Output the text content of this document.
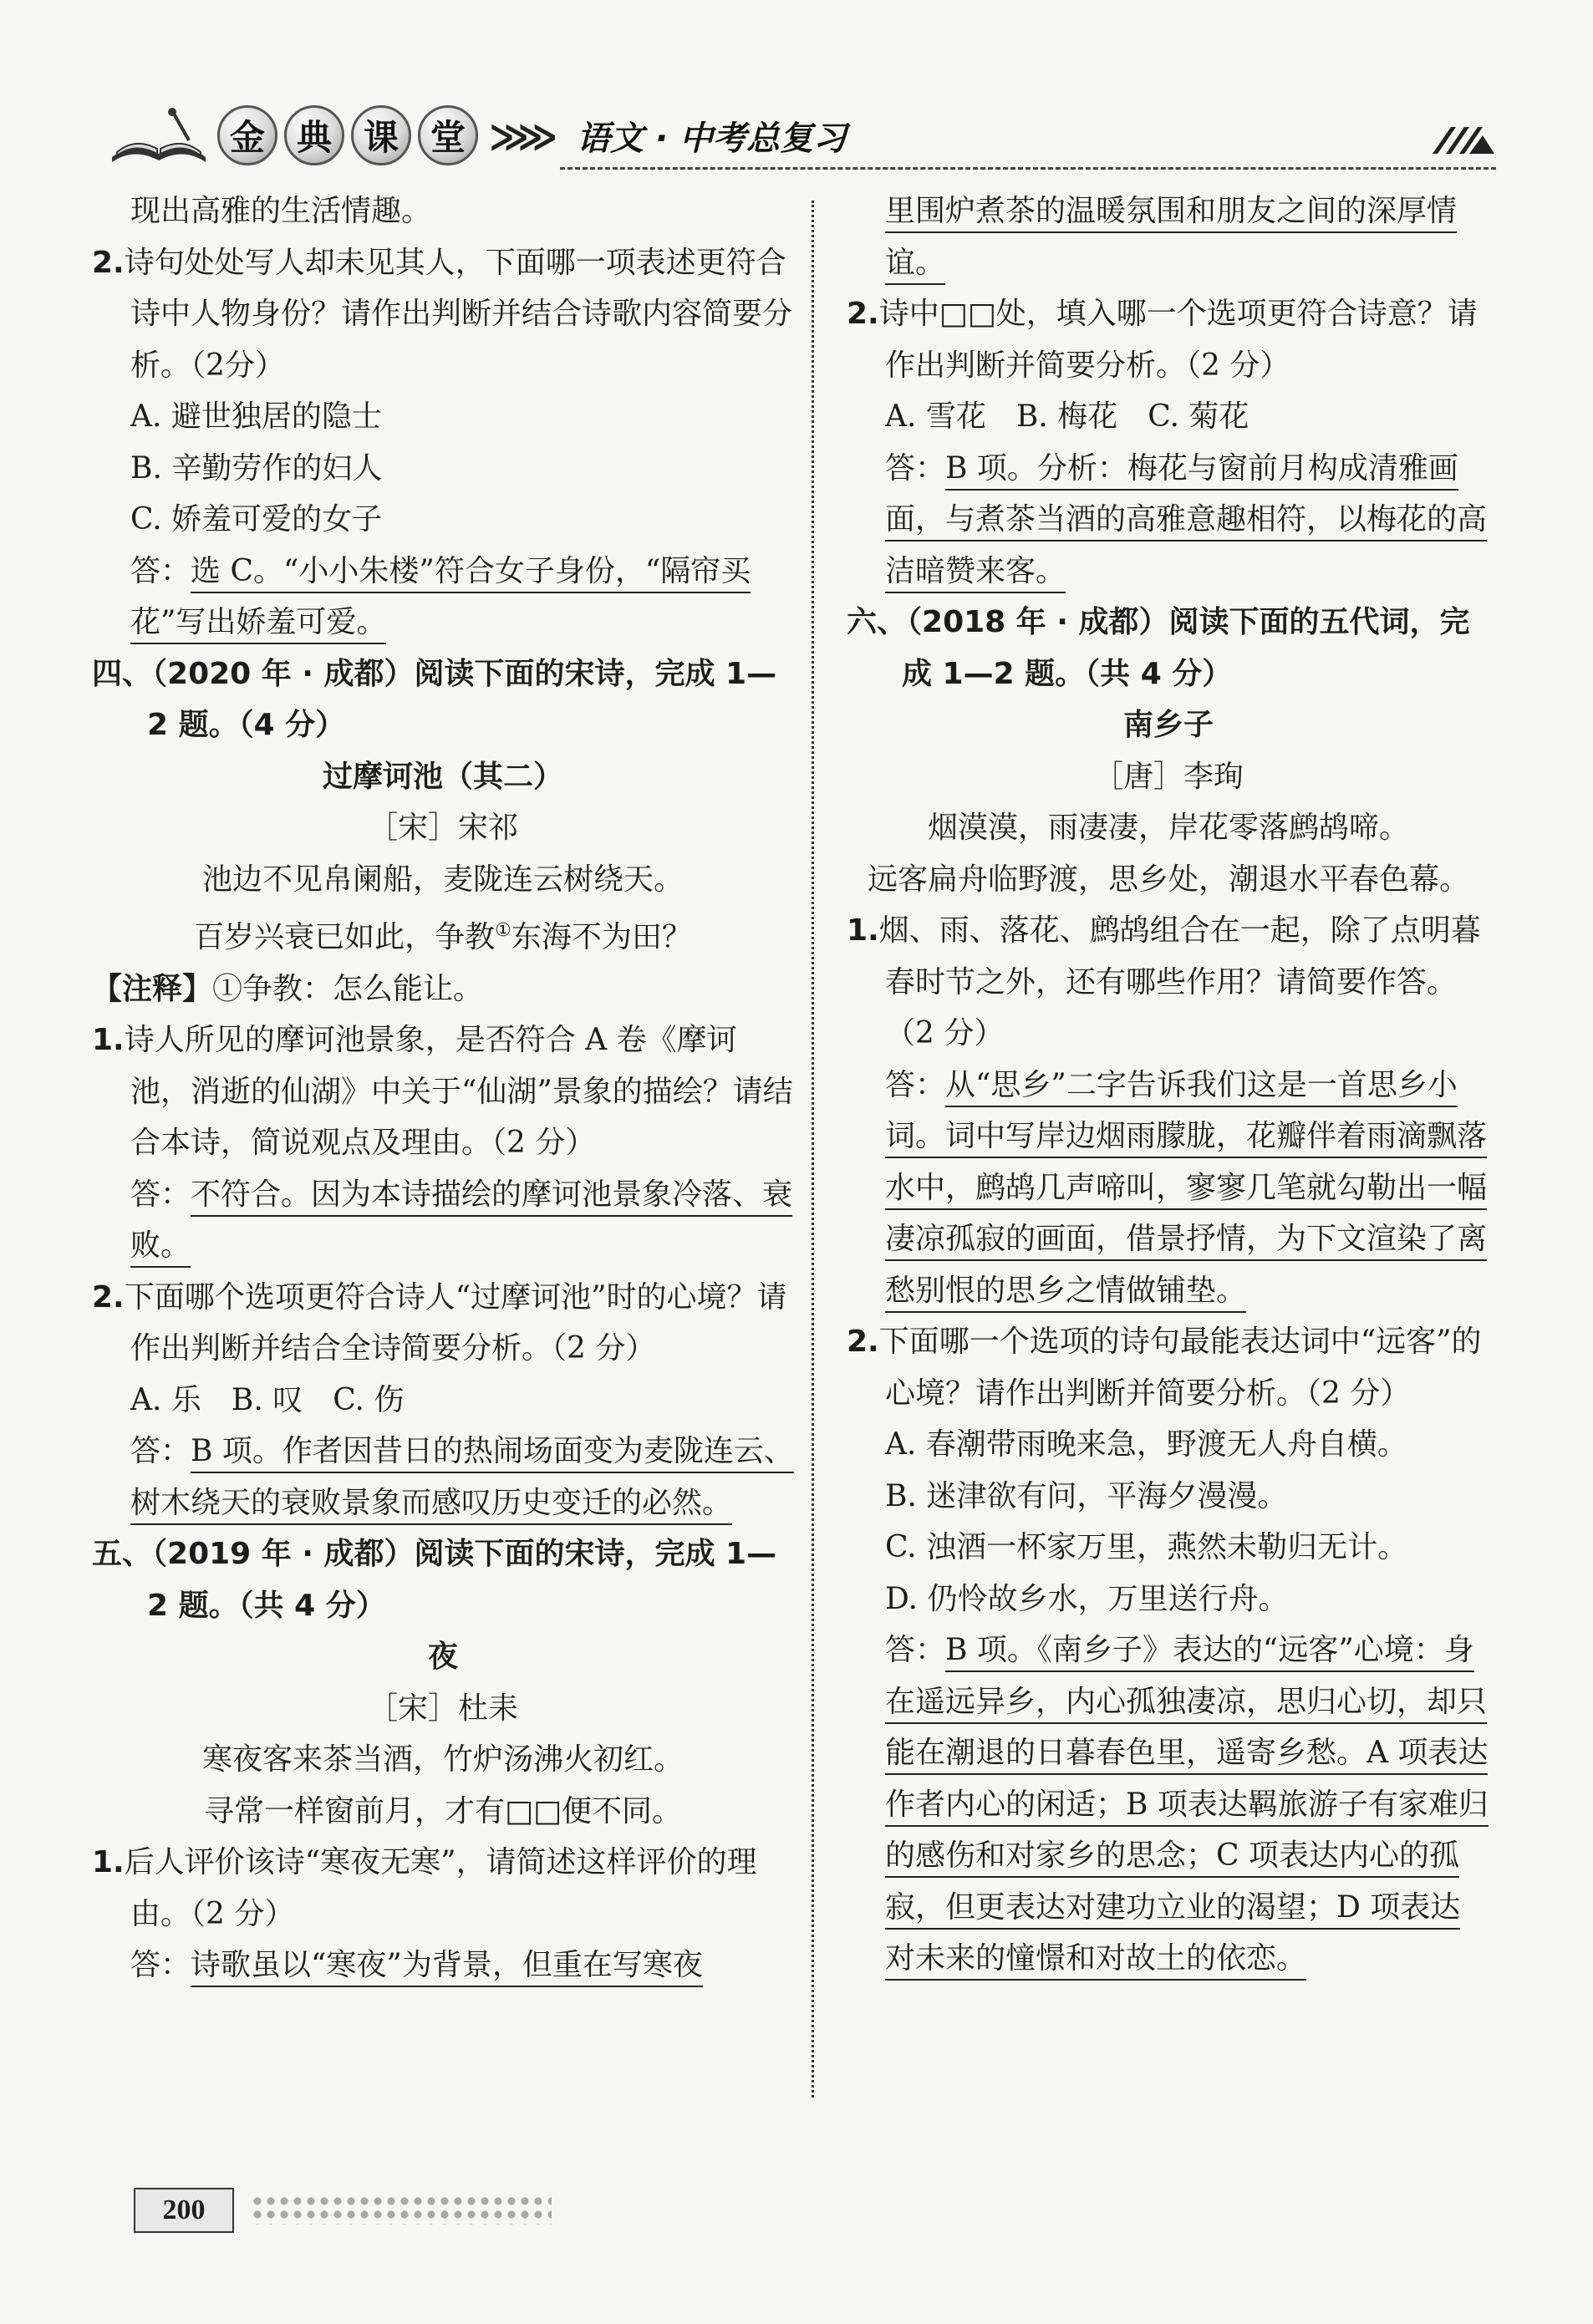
金 典 课 堂 ≫≫ 语文 · 中考总复习

现出高雅的生活情趣。

2.诗句处处写人却未见其人，下面哪一项表述更符合诗中人物身份？请作出判断并结合诗歌内容简要分析。（2分）

A. 避世独居的隐士

B. 辛勤劳作的妇人

C. 娇羞可爱的女子

答：选 C。“小小朱楼”符合女子身份，“隔帘买花”写出娇羞可爱。

四、（2020 年 · 成都）阅读下面的宋诗，完成 1—2 题。（4 分）

过摩诃池（其二）

［宋］宋祁

池边不见帛阑船，麦陇连云树绕天。

百岁兴衰已如此，争教①东海不为田？

【注释】①争教：怎么能让。

1.诗人所见的摩诃池景象，是否符合 A 卷《摩诃池，消逝的仙湖》中关于“仙湖”景象的描绘？请结合本诗，简说观点及理由。（2 分）

答：不符合。因为本诗描绘的摩诃池景象冷落、衰败。

2.下面哪个选项更符合诗人“过摩诃池”时的心境？请作出判断并结合全诗简要分析。（2 分）

A. 乐　B. 叹　C. 伤

答：B 项。作者因昔日的热闹场面变为麦陇连云、树木绕天的衰败景象而感叹历史变迁的必然。

五、（2019 年 · 成都）阅读下面的宋诗，完成 1—2 题。（共 4 分）

夜

［宋］杜耒

寒夜客来茶当酒，竹炉汤沸火初红。

寻常一样窗前月，才有□□便不同。

1.后人评价该诗“寒夜无寒”，请简述这样评价的理由。（2 分）

答：诗歌虽以“寒夜”为背景，但重在写寒夜

里围炉煮茶的温暖氛围和朋友之间的深厚情谊。

2.诗中□□处，填入哪一个选项更符合诗意？请作出判断并简要分析。（2 分）

A. 雪花　B. 梅花　C. 菊花

答：B 项。分析：梅花与窗前月构成清雅画面，与煮茶当酒的高雅意趣相符，以梅花的高洁暗赞来客。

六、（2018 年 · 成都）阅读下面的五代词，完成 1—2 题。（共 4 分）

南乡子

［唐］李珣

烟漠漠，雨凄凄，岸花零落鹧鸪啼。

远客扁舟临野渡，思乡处，潮退水平春色幕。

1.烟、雨、落花、鹧鸪组合在一起，除了点明暮春时节之外，还有哪些作用？请简要作答。（2 分）

答：从“思乡”二字告诉我们这是一首思乡小词。词中写岸边烟雨朦胧，花瓣伴着雨滴飘落水中，鹧鸪几声啼叫，寥寥几笔就勾勒出一幅凄凉孤寂的画面，借景抒情，为下文渲染了离愁别恨的思乡之情做铺垫。

2.下面哪一个选项的诗句最能表达词中“远客”的心境？请作出判断并简要分析。（2 分）

A. 春潮带雨晚来急，野渡无人舟自横。

B. 迷津欲有问，平海夕漫漫。

C. 浊酒一杯家万里，燕然未勒归无计。

D. 仍怜故乡水，万里送行舟。

答：B 项。《南乡子》表达的“远客”心境：身在遥远异乡，内心孤独凄凉，思归心切，却只能在潮退的日暮春色里，遥寄乡愁。A 项表达作者内心的闲适；B 项表达羁旅游子有家难归的感伤和对家乡的思念；C 项表达内心的孤寂，但更表达对建功立业的渴望；D 项表达对未来的憧憬和对故土的依恋。

200
